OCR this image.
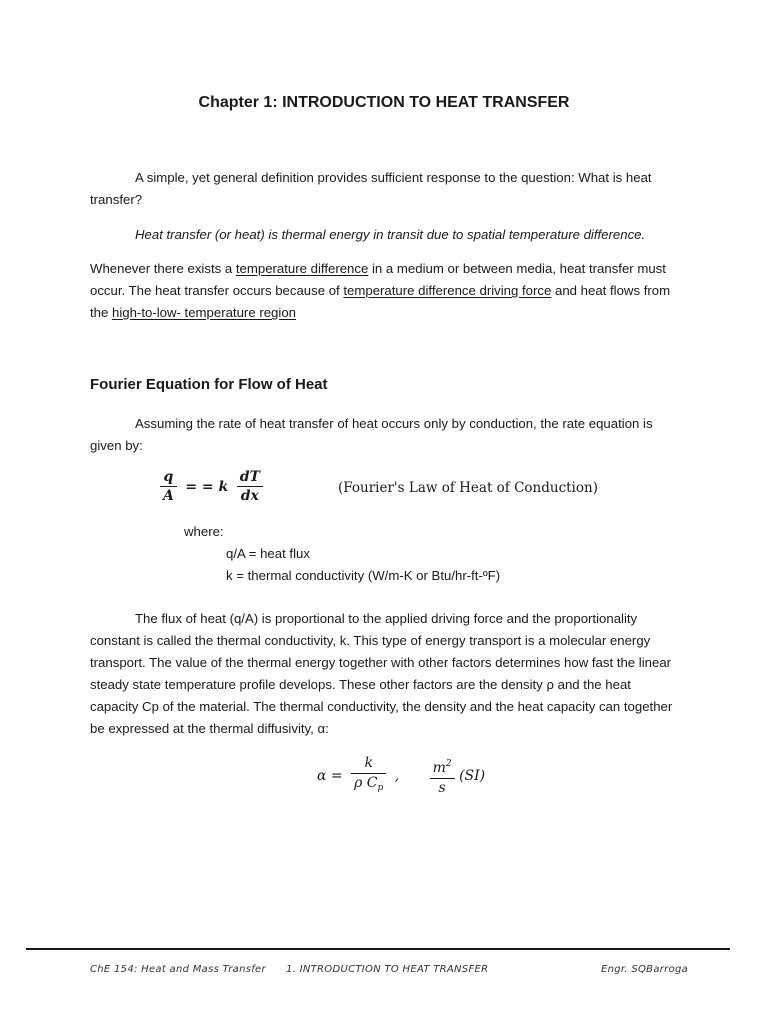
Chapter 1: INTRODUCTION TO HEAT TRANSFER
A simple, yet general definition provides sufficient response to the question: What is heat transfer?
Heat transfer (or heat) is thermal energy in transit due to spatial temperature difference.
Whenever there exists a temperature difference in a medium or between media, heat transfer must occur. The heat transfer occurs because of temperature difference driving force and heat flows from the high-to-low- temperature region
Fourier Equation for Flow of Heat
Assuming the rate of heat transfer of heat occurs only by conduction, the rate equation is given by:
$\frac{q}{A}$ = = k $\frac{dT}{dx}$	(Fourier's Law of Heat of Conduction)
where:
q/A = heat flux
k = thermal conductivity (W/m-K or Btu/hr-ft-ºF)
The flux of heat (q/A) is proportional to the applied driving force and the proportionality constant is called the thermal conductivity, k. This type of energy transport is a molecular energy transport. The value of the thermal energy together with other factors determines how fast the linear steady state temperature profile develops. These other factors are the density ρ and the heat capacity Cp of the material. The thermal conductivity, the density and the heat capacity can together be expressed at the thermal diffusivity, α:
$\alpha = \frac{k}{\rho C_p}$ , $\frac{m^2}{s} (SI)$
ChE 154: Heat and Mass Transfer 1. INTRODUCTION TO HEAT TRANSFER	Engr. SQBarroga
